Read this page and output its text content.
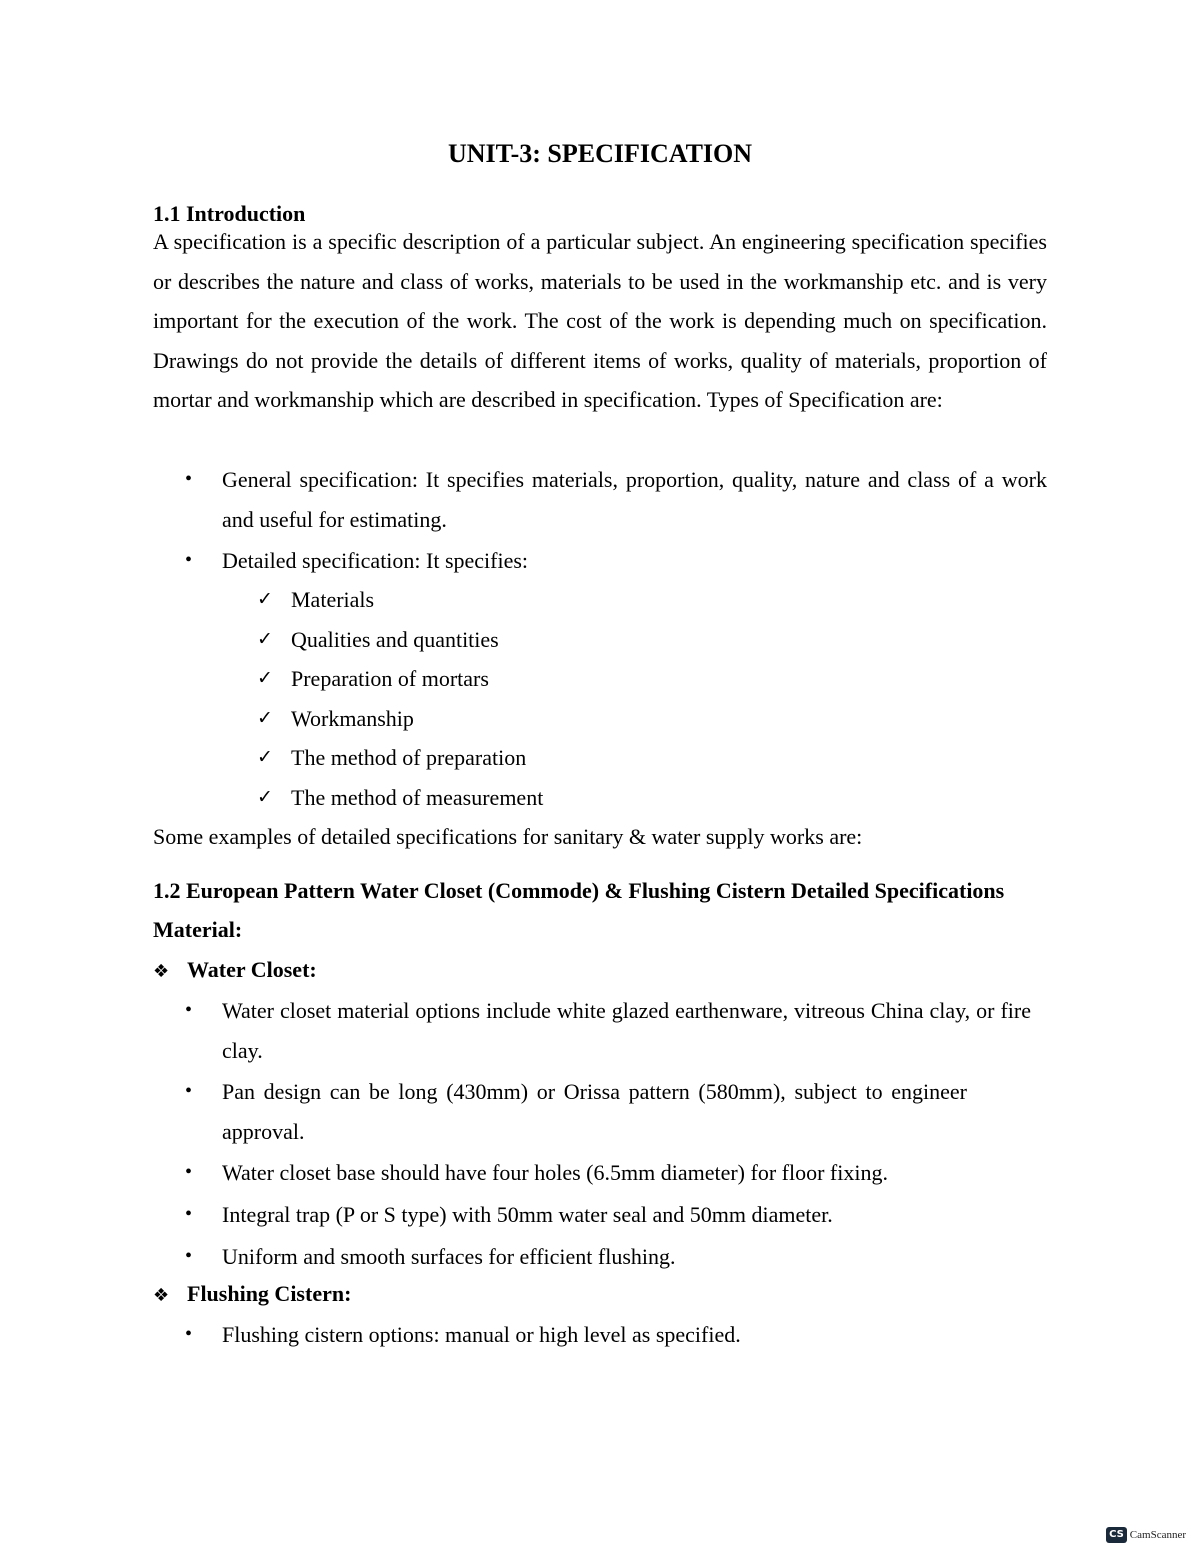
UNIT-3: SPECIFICATION
1.1 Introduction

A specification is a specific description of a particular subject. An engineering specification specifies or describes the nature and class of works, materials to be used in the workmanship etc. and is very important for the execution of the work. The cost of the work is depending much on specification. Drawings do not provide the details of different items of works, quality of materials, proportion of mortar and workmanship which are described in specification. Types of Specification are:

• General specification: It specifies materials, proportion, quality, nature and class of a work and useful for estimating.
• Detailed specification: It specifies:
✓ Materials
✓ Qualities and quantities
✓ Preparation of mortars
✓ Workmanship
✓ The method of preparation
✓ The method of measurement

Some examples of detailed specifications for sanitary & water supply works are:

1.2 European Pattern Water Closet (Commode) & Flushing Cistern Detailed Specifications

Material:

❖ Water Closet:

• Water closet material options include white glazed earthenware, vitreous China clay, or fire clay.
• Pan design can be long (430mm) or Orissa pattern (580mm), subject to engineer approval.
• Water closet base should have four holes (6.5mm diameter) for floor fixing.
• Integral trap (P or S type) with 50mm water seal and 50mm diameter.
• Uniform and smooth surfaces for efficient flushing.

❖ Flushing Cistern:

• Flushing cistern options: manual or high level as specified.
CS CamScanner
